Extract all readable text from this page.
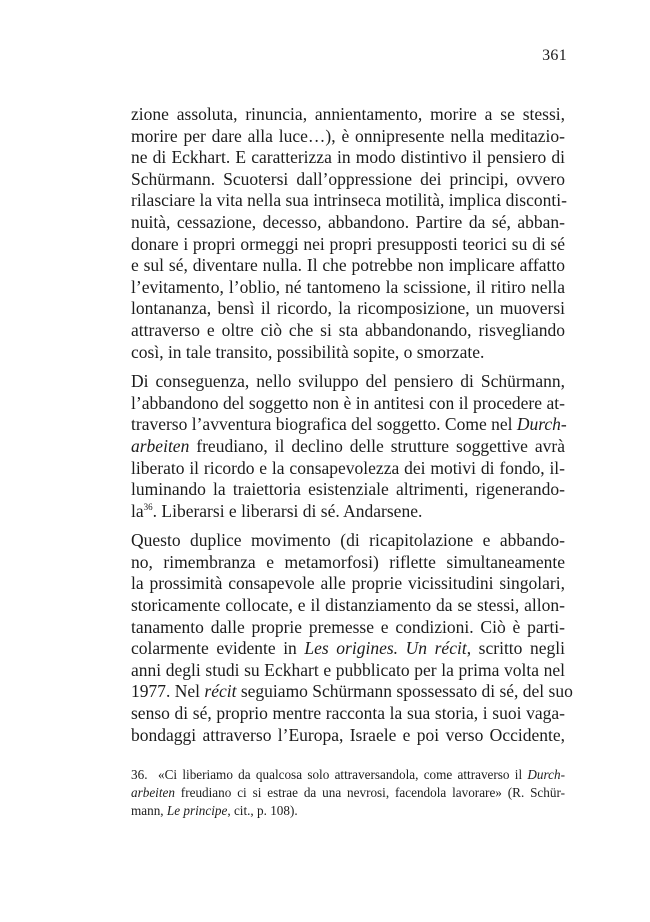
361

zione assoluta, rinuncia, annientamento, morire a se stessi,
morire per dare alla luce…), è onnipresente nella meditazio-
ne di Eckhart. E caratterizza in modo distintivo il pensiero di
Schürmann. Scuotersi dall’oppressione dei principi, ovvero
rilasciare la vita nella sua intrinseca motilità, implica disconti-
nuità, cessazione, decesso, abbandono. Partire da sé, abban-
donare i propri ormeggi nei propri presupposti teorici su di sé
e sul sé, diventare nulla. Il che potrebbe non implicare affatto
l’evitamento, l’oblio, né tantomeno la scissione, il ritiro nella
lontananza, bensì il ricordo, la ricomposizione, un muoversi
attraverso e oltre ciò che si sta abbandonando, risvegliando
così, in tale transito, possibilità sopite, o smorzate.

Di conseguenza, nello sviluppo del pensiero di Schürmann,
l’abbandono del soggetto non è in antitesi con il procedere at-
traverso l’avventura biografica del soggetto. Come nel Durch-
arbeiten freudiano, il declino delle strutture soggettive avrà
liberato il ricordo e la consapevolezza dei motivi di fondo, il-
luminando la traiettoria esistenziale altrimenti, rigenerando-
$la^{36}$. Liberarsi e liberarsi di sé. Andarsene.

Questo duplice movimento (di ricapitolazione e abbando-
no, rimembranza e metamorfosi) riflette simultaneamente
la prossimità consapevole alle proprie vicissitudini singolari,
storicamente collocate, e il distanziamento da se stessi, allon-
tanamento dalle proprie premesse e condizioni. Ciò è parti-
colarmente evidente in Les origines. Un récit, scritto negli
anni degli studi su Eckhart e pubblicato per la prima volta nel
1977. Nel récit seguiamo Schürmann spossessato di sé, del suo
senso di sé, proprio mentre racconta la sua storia, i suoi vaga-
bondaggi attraverso l’Europa, Israele e poi verso Occidente,

36. «Ci liberiamo da qualcosa solo attraversandola, come attraverso il Durch-
arbeiten freudiano ci si estrae da una nevrosi, facendola lavorare» (R. Schür-
mann, Le principe, cit., p. 108).
